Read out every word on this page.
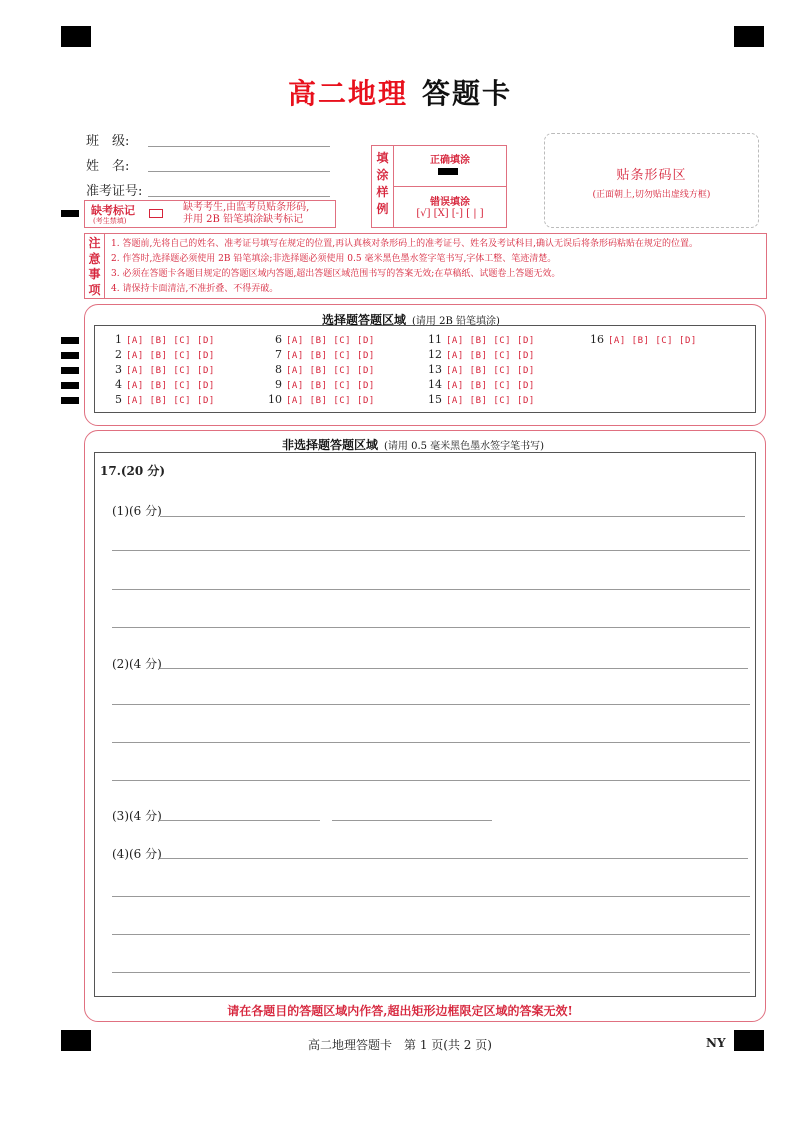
高二地理 答题卡
班　级:
姓　名:
准考证号:
缺考标记
(考生禁填)
缺考考生,由监考员贴条形码,
并用 2B 铅笔填涂缺考标记
填
涂
样
例
正确填涂
错误填涂
[√] [X] [-] [ | ]
贴条形码区
(正面朝上,切勿贴出虚线方框)
注
意
事
项
1. 答题前,先将自己的姓名、准考证号填写在规定的位置,再认真核对条形码上的准考证号、姓名及考试科目,确认无误后将条形码粘贴在规定的位置。
2. 作答时,选择题必须使用 2B 铅笔填涂;非选择题必须使用 0.5 毫米黑色墨水签字笔书写,字体工整、笔迹清楚。
3. 必须在答题卡各题目规定的答题区域内答题,超出答题区域范围书写的答案无效;在草稿纸、试题卷上答题无效。
4. 请保持卡面清洁,不准折叠、不得弄破。
选择题答题区域 (请用 2B 铅笔填涂)
1 [A] [B] [C] [D]
2 [A] [B] [C] [D]
3 [A] [B] [C] [D]
4 [A] [B] [C] [D]
5 [A] [B] [C] [D]
6 [A] [B] [C] [D]
7 [A] [B] [C] [D]
8 [A] [B] [C] [D]
9 [A] [B] [C] [D]
10 [A] [B] [C] [D]
11 [A] [B] [C] [D]
12 [A] [B] [C] [D]
13 [A] [B] [C] [D]
14 [A] [B] [C] [D]
15 [A] [B] [C] [D]
16 [A] [B] [C] [D]
非选择题答题区域 (请用 0.5 毫米黑色墨水签字笔书写)
17.(20 分)
(1)(6 分)
(2)(4 分)
(3)(4 分)
(4)(6 分)
请在各题目的答题区域内作答,超出矩形边框限定区域的答案无效!
高二地理答题卡　第 1 页(共 2 页)	NY
